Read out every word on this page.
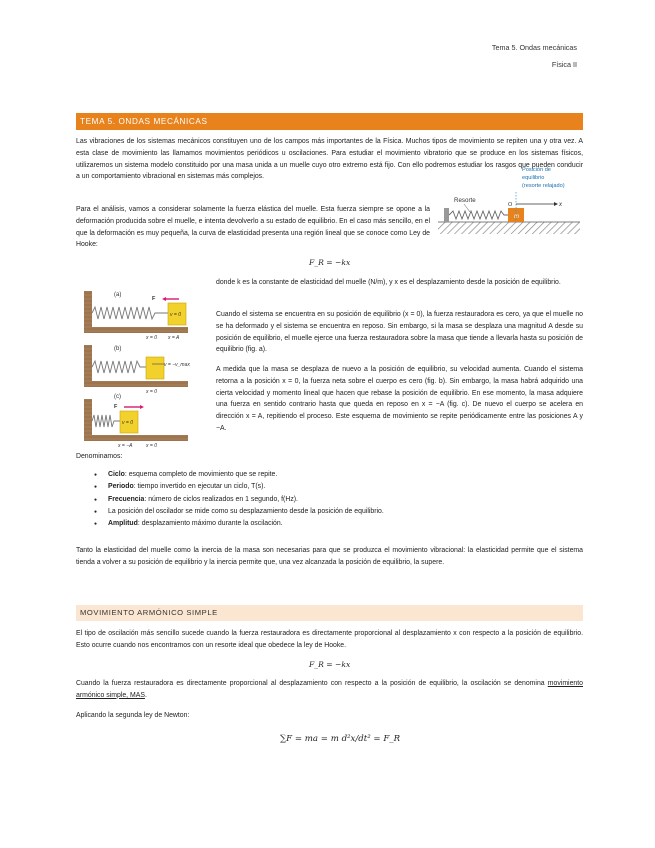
Tema 5. Ondas mecánicas
Física II
TEMA 5. ONDAS MECÁNICAS

Las vibraciones de los sistemas mecánicos constituyen uno de los campos más importantes de la Física. Muchos tipos de movimiento se repiten una y otra vez. A esta clase de movimiento las llamamos movimientos periódicos u oscilaciones. Para estudiar el movimiento vibratorio que se produce en los sistemas físicos, utilizaremos un sistema modelo constituido por una masa unida a un muelle cuyo otro extremo está fijo. Con ello podremos estudiar los rasgos que pueden conducir a un comportamiento vibracional en sistemas más complejos.

m
x
O
Resorte
Posición de
equilibrio
(resorte relajado)

Para el análisis, vamos a considerar solamente la fuerza elástica del muelle. Esta fuerza siempre se opone a la deformación producida sobre el muelle, e intenta devolverlo a su estado de equilibrio. En el caso más sencillo, en el que la deformación es muy pequeña, la curva de elasticidad presenta una región lineal que se conoce como Ley de Hooke:

F_R = −kx
v = 0
F
(a)
x = 0 x = A
v = −v_max
(b)
x = 0
v = 0
F
(c)
x = −A	x = 0

donde k es la constante de elasticidad del muelle (N/m), y x es el desplazamiento desde la posición de equilibrio.

Cuando el sistema se encuentra en su posición de equilibrio (x = 0), la fuerza restauradora es cero, ya que el muelle no se ha deformado y el sistema se encuentra en reposo. Sin embargo, si la masa se desplaza una magnitud A desde su posición de equilibrio, el muelle ejerce una fuerza restauradora sobre la masa que tiende a llevarla hasta su posición de equilibrio (fig. a).

A medida que la masa se desplaza de nuevo a la posición de equilibrio, su velocidad aumenta. Cuando el sistema retorna a la posición x = 0, la fuerza neta sobre el cuerpo es cero (fig. b). Sin embargo, la masa habrá adquirido una cierta velocidad y momento lineal que hacen que rebase la posición de equilibrio. En ese momento, la masa adquiere una fuerza en sentido contrario hasta que queda en reposo en x = −A (fig. c). De nuevo el cuerpo se acelera en dirección x = A, repitiendo el proceso. Este esquema de movimiento se repite periódicamente entre las posiciones A y −A.

Denominamos:

● Ciclo: esquema completo de movimiento que se repite.
● Periodo: tiempo invertido en ejecutar un ciclo, T(s).
● Frecuencia: número de ciclos realizados en 1 segundo, f(Hz).
● La posición del oscilador se mide como su desplazamiento desde la posición de equilibrio.
● Amplitud: desplazamiento máximo durante la oscilación.

Tanto la elasticidad del muelle como la inercia de la masa son necesarias para que se produzca el movimiento vibracional: la elasticidad permite que el sistema tienda a volver a su posición de equilibrio y la inercia permite que, una vez alcanzada la posición de equilibrio, la supere.

MOVIMIENTO ARMÓNICO SIMPLE

El tipo de oscilación más sencillo sucede cuando la fuerza restauradora es directamente proporcional al desplazamiento x con respecto a la posición de equilibrio. Esto ocurre cuando nos encontramos con un resorte ideal que obedece la ley de Hooke.

F_R = −kx

Cuando la fuerza restauradora es directamente proporcional al desplazamiento con respecto a la posición de equilibrio, la oscilación se denomina movimiento armónico simple, MAS.

Aplicando la segunda ley de Newton:

∑F = ma = m d²x/dt² = F_R
